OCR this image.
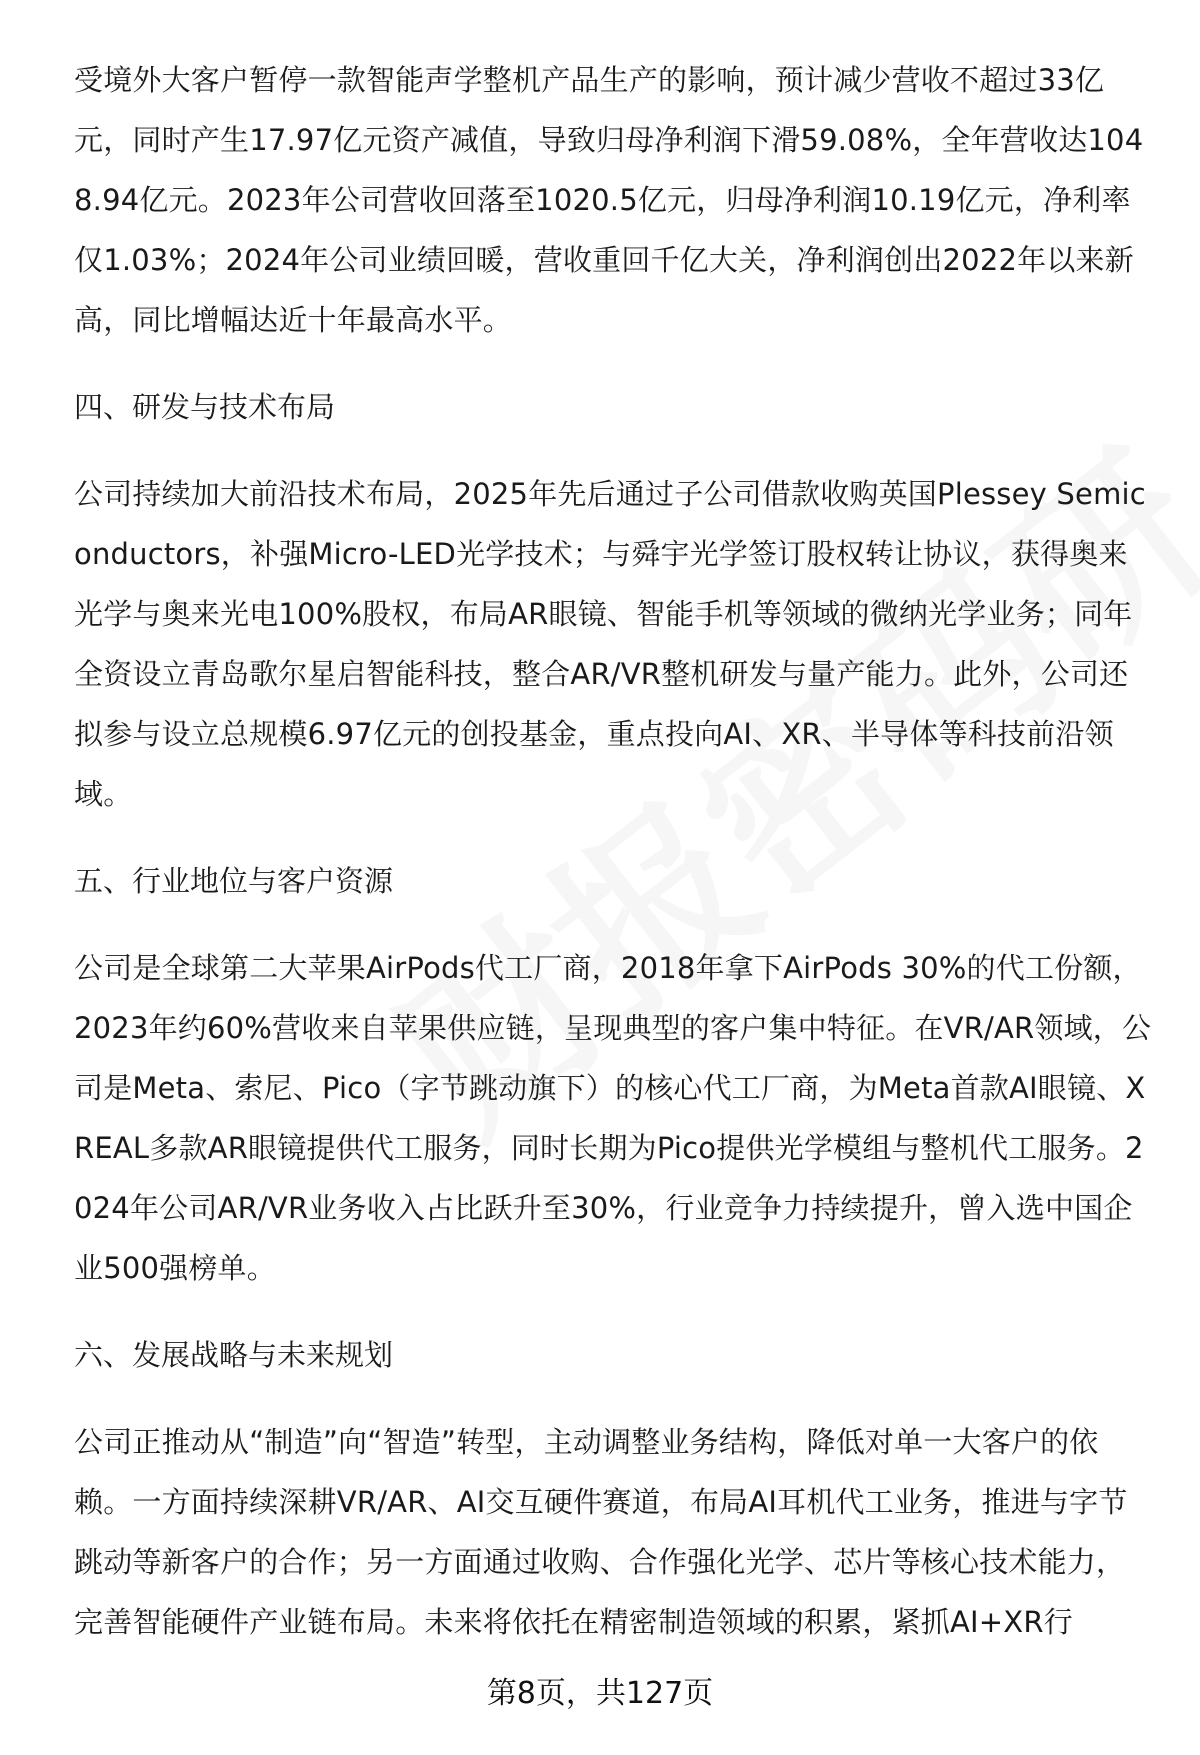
受境外大客户暂停一款智能声学整机产品生产的影响，预计减少营收不超过33亿元，同时产生17.97亿元资产减值，导致归母净利润下滑59.08%，全年营收达1048.94亿元。2023年公司营收回落至1020.5亿元，归母净利润10.19亿元，净利率仅1.03%；2024年公司业绩回暖，营收重回千亿大关，净利润创出2022年以来新高，同比增幅达近十年最高水平。

四、研发与技术布局

公司持续加大前沿技术布局，2025年先后通过子公司借款收购英国Plessey Semiconductors，补强Micro-LED光学技术；与舜宇光学签订股权转让协议，获得奥来光学与奥来光电100%股权，布局AR眼镜、智能手机等领域的微纳光学业务；同年全资设立青岛歌尔星启智能科技，整合AR/VR整机研发与量产能力。此外，公司还拟参与设立总规模6.97亿元的创投基金，重点投向AI、XR、半导体等科技前沿领域。

五、行业地位与客户资源

公司是全球第二大苹果AirPods代工厂商，2018年拿下AirPods 30%的代工份额，2023年约60%营收来自苹果供应链，呈现典型的客户集中特征。在VR/AR领域，公司是Meta、索尼、Pico（字节跳动旗下）的核心代工厂商，为Meta首款AI眼镜、XREAL多款AR眼镜提供代工服务，同时长期为Pico提供光学模组与整机代工服务。2024年公司AR/VR业务收入占比跃升至30%，行业竞争力持续提升，曾入选中国企业500强榜单。

六、发展战略与未来规划

公司正推动从“制造”向“智造”转型，主动调整业务结构，降低对单一大客户的依赖。一方面持续深耕VR/AR、AI交互硬件赛道，布局AI耳机代工业务，推进与字节跳动等新客户的合作；另一方面通过收购、合作强化光学、芯片等核心技术能力，完善智能硬件产业链布局。未来将依托在精密制造领域的积累，紧抓AI+XR行

第8页，共127页
